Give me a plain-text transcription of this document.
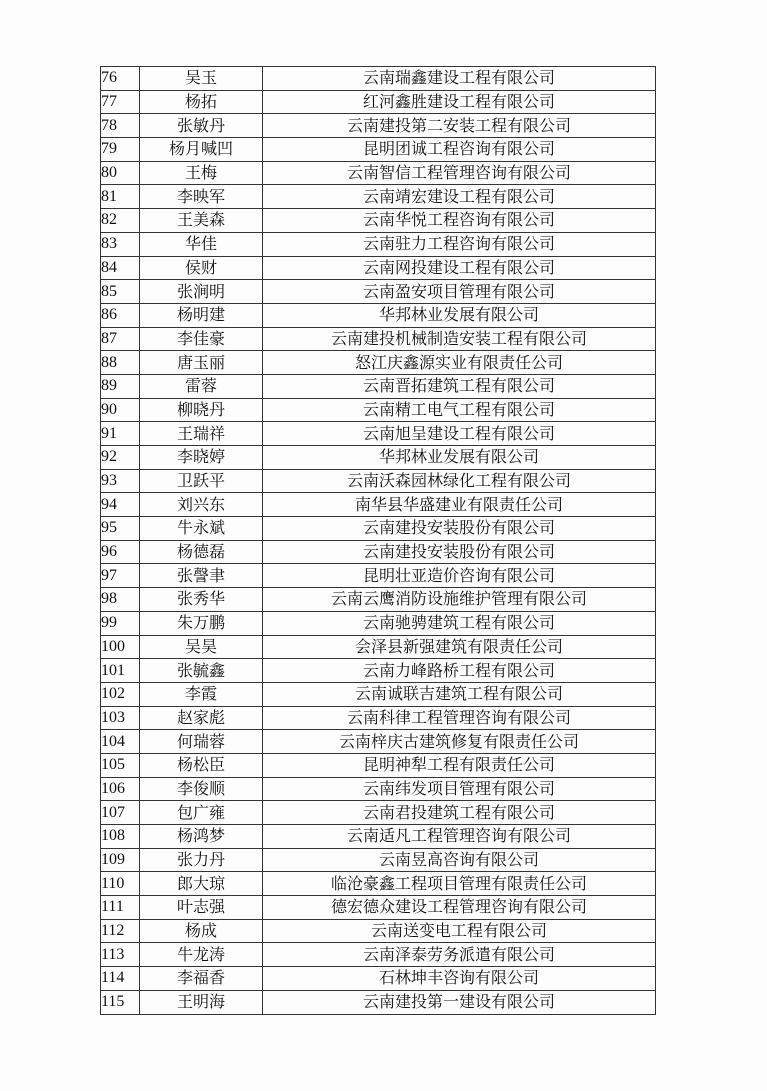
76	吴玉	云南瑞鑫建设工程有限公司
77	杨拓	红河鑫胜建设工程有限公司
78	张敏丹	云南建投第二安装工程有限公司
79	杨月喊凹	昆明团诚工程咨询有限公司
80	王梅	云南智信工程管理咨询有限公司
81	李映军	云南靖宏建设工程有限公司
82	王美森	云南华悦工程咨询有限公司
83	华佳	云南驻力工程咨询有限公司
84	侯财	云南网投建设工程有限公司
85	张涧明	云南盈安项目管理有限公司
86	杨明建	华邦林业发展有限公司
87	李佳豪	云南建投机械制造安装工程有限公司
88	唐玉丽	怒江庆鑫源实业有限责任公司
89	雷蓉	云南晋拓建筑工程有限公司
90	柳晓丹	云南精工电气工程有限公司
91	王瑞祥	云南旭呈建设工程有限公司
92	李晓婷	华邦林业发展有限公司
93	卫跃平	云南沃森园林绿化工程有限公司
94	刘兴东	南华县华盛建业有限责任公司
95	牛永斌	云南建投安装股份有限公司
96	杨德磊	云南建投安装股份有限公司
97	张謦聿	昆明壮亚造价咨询有限公司
98	张秀华	云南云鹰消防设施维护管理有限公司
99	朱万鹏	云南驰骋建筑工程有限公司
100	吴昊	会泽县新强建筑有限责任公司
101	张毓鑫	云南力峰路桥工程有限公司
102	李霞	云南诚联吉建筑工程有限公司
103	赵家彪	云南科律工程管理咨询有限公司
104	何瑞蓉	云南梓庆古建筑修复有限责任公司
105	杨松臣	昆明神犁工程有限责任公司
106	李俊顺	云南纬发项目管理有限公司
107	包广雍	云南君投建筑工程有限公司
108	杨鸿梦	云南适凡工程管理咨询有限公司
109	张力丹	云南昱高咨询有限公司
110	郎大琼	临沧豪鑫工程项目管理有限责任公司
111	叶志强	德宏德众建设工程管理咨询有限公司
112	杨成	云南送变电工程有限公司
113	牛龙涛	云南泽泰劳务派遣有限公司
114	李福香	石林坤丰咨询有限公司
115	王明海	云南建投第一建设有限公司
